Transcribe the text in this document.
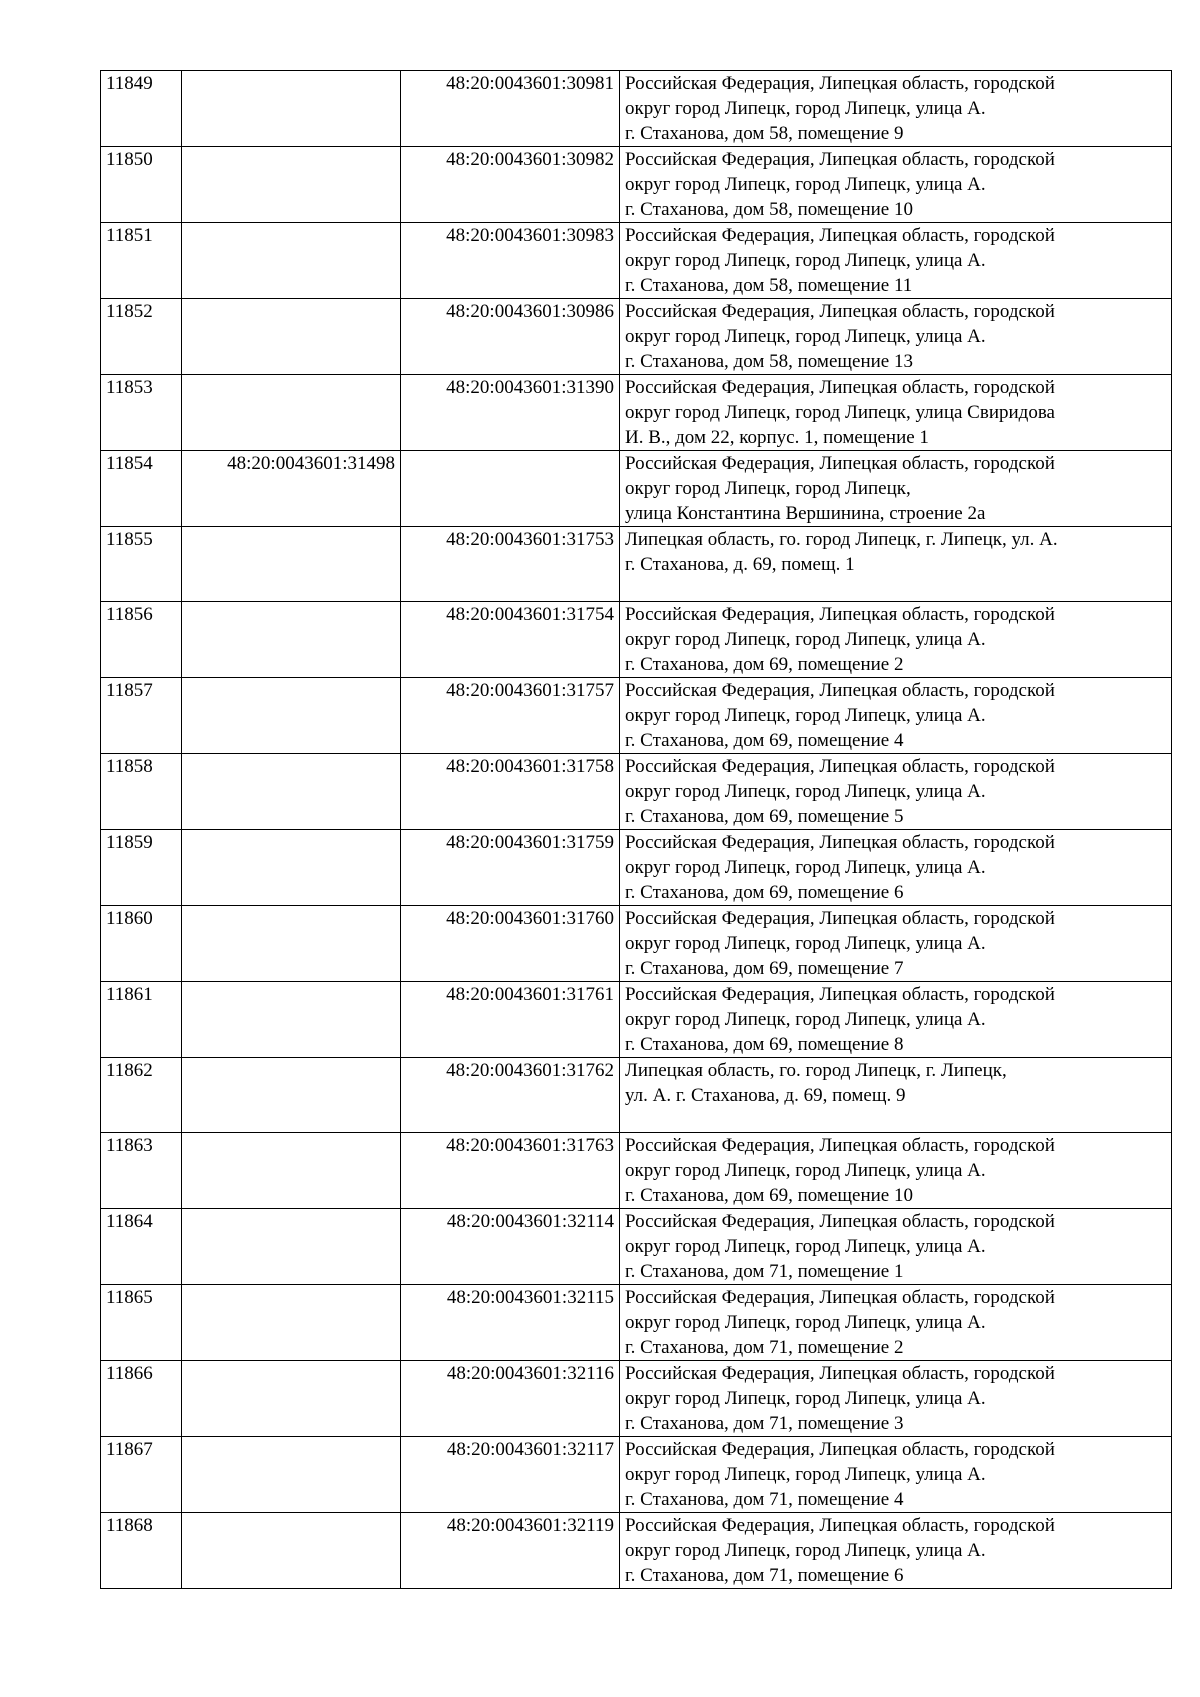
11849		48:20:0043601:30981	Российская Федерация, Липецкая область, городской
округ город Липецк, город Липецк, улица А.
г. Стаханова, дом 58, помещение 9

11850		48:20:0043601:30982	Российская Федерация, Липецкая область, городской
округ город Липецк, город Липецк, улица А.
г. Стаханова, дом 58, помещение 10

11851		48:20:0043601:30983	Российская Федерация, Липецкая область, городской
округ город Липецк, город Липецк, улица А.
г. Стаханова, дом 58, помещение 11

11852		48:20:0043601:30986	Российская Федерация, Липецкая область, городской
округ город Липецк, город Липецк, улица А.
г. Стаханова, дом 58, помещение 13

11853		48:20:0043601:31390	Российская Федерация, Липецкая область, городской
округ город Липецк, город Липецк, улица Свиридова
И. В., дом 22, корпус. 1, помещение 1

11854	48:20:0043601:31498		Российская Федерация, Липецкая область, городской
округ город Липецк, город Липецк,
улица Константина Вершинина, строение 2а

11855		48:20:0043601:31753	Липецкая область, го. город Липецк, г. Липецк, ул. А.
г. Стаханова, д. 69, помещ. 1

11856		48:20:0043601:31754	Российская Федерация, Липецкая область, городской
округ город Липецк, город Липецк, улица А.
г. Стаханова, дом 69, помещение 2

11857		48:20:0043601:31757	Российская Федерация, Липецкая область, городской
округ город Липецк, город Липецк, улица А.
г. Стаханова, дом 69, помещение 4

11858		48:20:0043601:31758	Российская Федерация, Липецкая область, городской
округ город Липецк, город Липецк, улица А.
г. Стаханова, дом 69, помещение 5

11859		48:20:0043601:31759	Российская Федерация, Липецкая область, городской
округ город Липецк, город Липецк, улица А.
г. Стаханова, дом 69, помещение 6

11860		48:20:0043601:31760	Российская Федерация, Липецкая область, городской
округ город Липецк, город Липецк, улица А.
г. Стаханова, дом 69, помещение 7

11861		48:20:0043601:31761	Российская Федерация, Липецкая область, городской
округ город Липецк, город Липецк, улица А.
г. Стаханова, дом 69, помещение 8

11862		48:20:0043601:31762	Липецкая область, го. город Липецк, г. Липецк,
ул. А. г. Стаханова, д. 69, помещ. 9

11863		48:20:0043601:31763	Российская Федерация, Липецкая область, городской
округ город Липецк, город Липецк, улица А.
г. Стаханова, дом 69, помещение 10

11864		48:20:0043601:32114	Российская Федерация, Липецкая область, городской
округ город Липецк, город Липецк, улица А.
г. Стаханова, дом 71, помещение 1

11865		48:20:0043601:32115	Российская Федерация, Липецкая область, городской
округ город Липецк, город Липецк, улица А.
г. Стаханова, дом 71, помещение 2

11866		48:20:0043601:32116	Российская Федерация, Липецкая область, городской
округ город Липецк, город Липецк, улица А.
г. Стаханова, дом 71, помещение 3

11867		48:20:0043601:32117	Российская Федерация, Липецкая область, городской
округ город Липецк, город Липецк, улица А.
г. Стаханова, дом 71, помещение 4

11868		48:20:0043601:32119	Российская Федерация, Липецкая область, городской
округ город Липецк, город Липецк, улица А.
г. Стаханова, дом 71, помещение 6
